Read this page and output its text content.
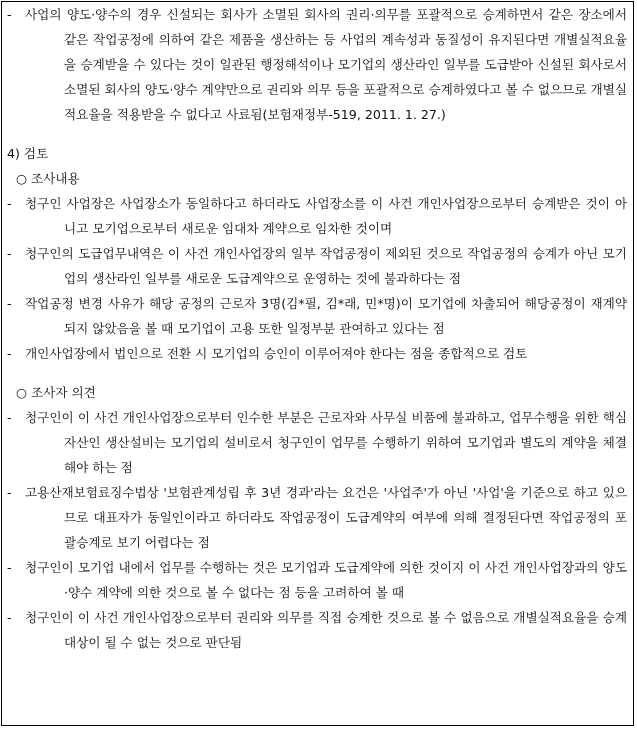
-	사업의 양도·양수의 경우 신설되는 회사가 소멸된 회사의 권리·의무를 포괄적으로 승계하면서 같은 장소에서 같은 작업공정에 의하여 같은 제품을 생산하는 등 사업의 계속성과 동질성이 유지된다면 개별실적요율을 승계받을 수 있다는 것이 일관된 행정해석이나 모기업의 생산라인 일부를 도급받아 신설된 회사로서 소멸된 회사의 양도·양수 계약만으로 권리와 의무 등을 포괄적으로 승계하였다고 볼 수 없으므로 개별실적요율을 적용받을 수 없다고 사료됨(보험재정부-519, 2011. 1. 27.)
4) 검토
○ 조사내용
-	청구인 사업장은 사업장소가 동일하다고 하더라도 사업장소를 이 사건 개인사업장으로부터 승계받은 것이 아니고 모기업으로부터 새로운 임대차 계약으로 임차한 것이며
-	청구인의 도급업무내역은 이 사건 개인사업장의 일부 작업공정이 제외된 것으로 작업공정의 승계가 아닌 모기업의 생산라인 일부를 새로운 도급계약으로 운영하는 것에 불과하다는 점
-	작업공정 변경 사유가 해당 공정의 근로자 3명(김*필, 김*래, 민*명)이 모기업에 차출되어 해당공정이 재계약되지 않았음을 볼 때 모기업이 고용 또한 일정부분 관여하고 있다는 점
-	개인사업장에서 법인으로 전환 시 모기업의 승인이 이루어져야 한다는 점을 종합적으로 검토
○ 조사자 의견
-	청구인이 이 사건 개인사업장으로부터 인수한 부분은 근로자와 사무실 비품에 불과하고, 업무수행을 위한 핵심 자산인 생산설비는 모기업의 설비로서 청구인이 업무를 수행하기 위하여 모기업과 별도의 계약을 체결해야 하는 점
-	고용산재보험료징수법상 '보험관계성립 후 3년 경과'라는 요건은 '사업주'가 아닌 '사업'을 기준으로 하고 있으므로 대표자가 동일인이라고 하더라도 작업공정이 도급계약의 여부에 의해 결정된다면 작업공정의 포괄승계로 보기 어렵다는 점
-	청구인이 모기업 내에서 업무를 수행하는 것은 모기업과 도급계약에 의한 것이지 이 사건 개인사업장과의 양도·양수 계약에 의한 것으로 볼 수 없다는 점 등을 고려하여 볼 때
-	청구인이 이 사건 개인사업장으로부터 권리와 의무를 직접 승계한 것으로 볼 수 없음으로 개별실적요율을 승계대상이 될 수 없는 것으로 판단됨
